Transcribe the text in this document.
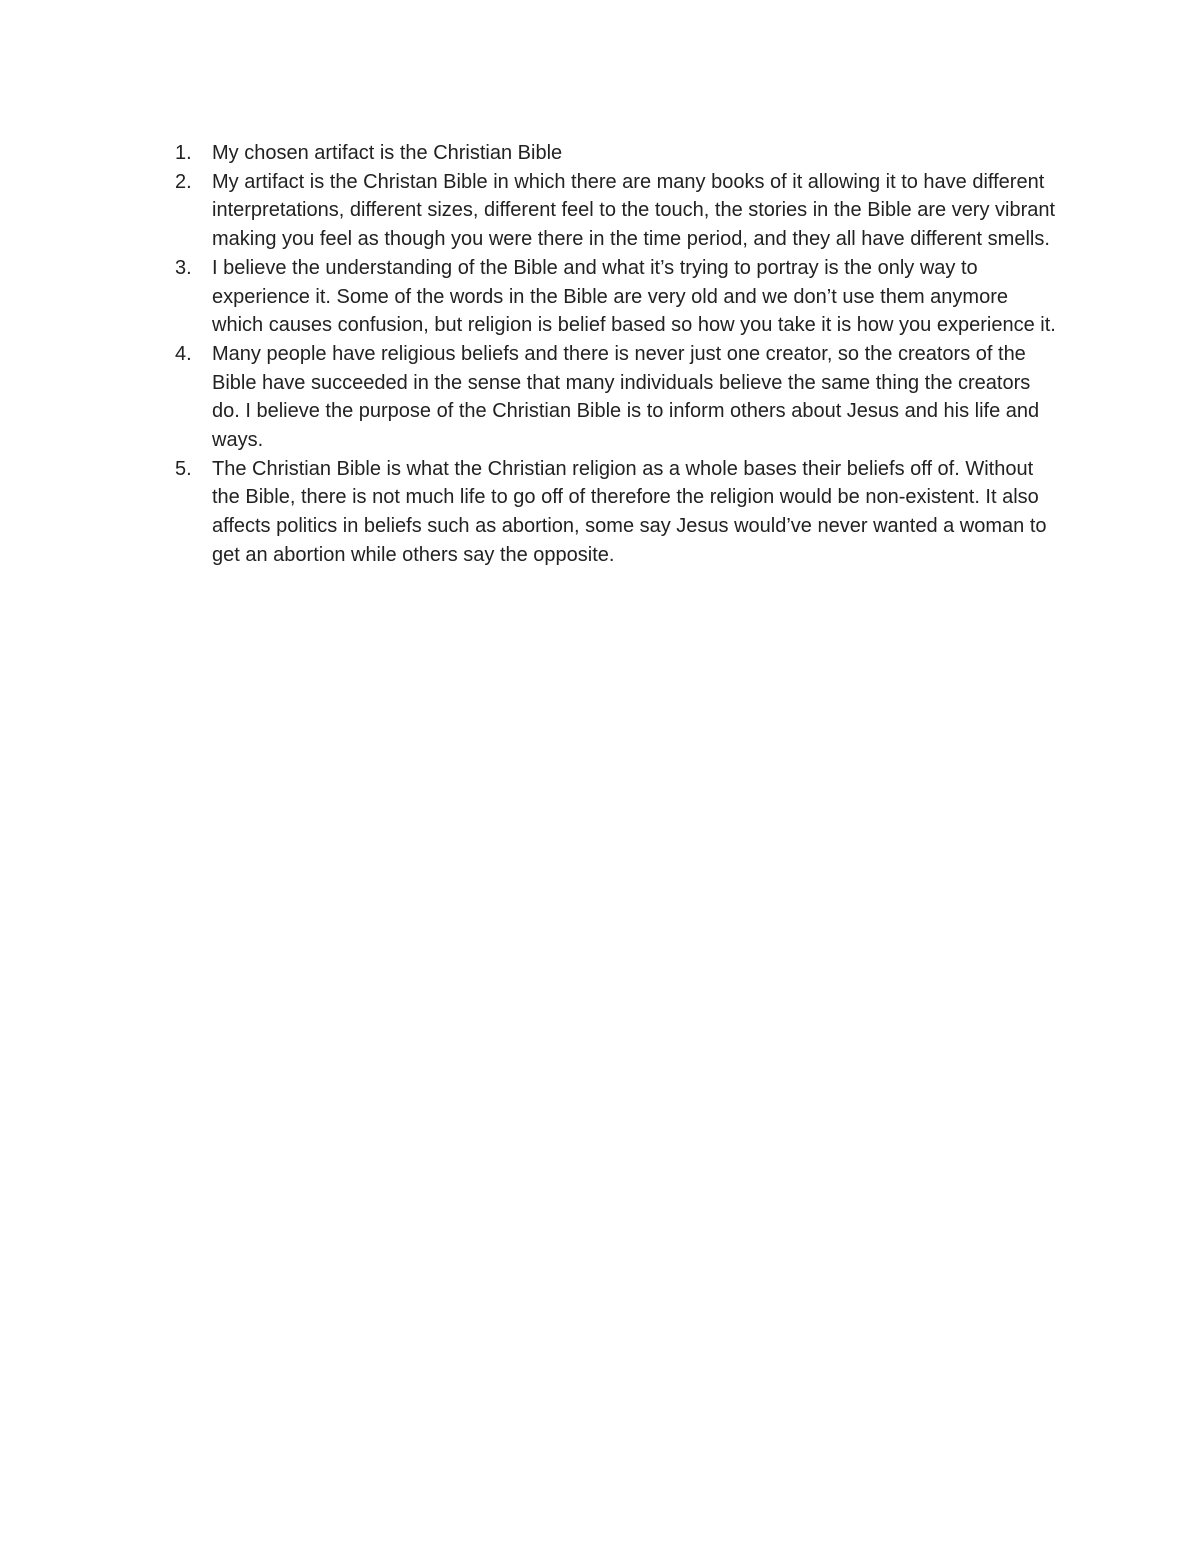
1.	My chosen artifact is the Christian Bible
2.	My artifact is the Christan Bible in which there are many books of it allowing it to have different interpretations, different sizes, different feel to the touch, the stories in the Bible are very vibrant making you feel as though you were there in the time period, and they all have different smells.
3.	I believe the understanding of the Bible and what it’s trying to portray is the only way to experience it. Some of the words in the Bible are very old and we don’t use them anymore which causes confusion, but religion is belief based so how you take it is how you experience it.
4.	Many people have religious beliefs and there is never just one creator, so the creators of the Bible have succeeded in the sense that many individuals believe the same thing the creators do. I believe the purpose of the Christian Bible is to inform others about Jesus and his life and ways.
5.	The Christian Bible is what the Christian religion as a whole bases their beliefs off of. Without the Bible, there is not much life to go off of therefore the religion would be non-existent. It also affects politics in beliefs such as abortion, some say Jesus would’ve never wanted a woman to get an abortion while others say the opposite.
